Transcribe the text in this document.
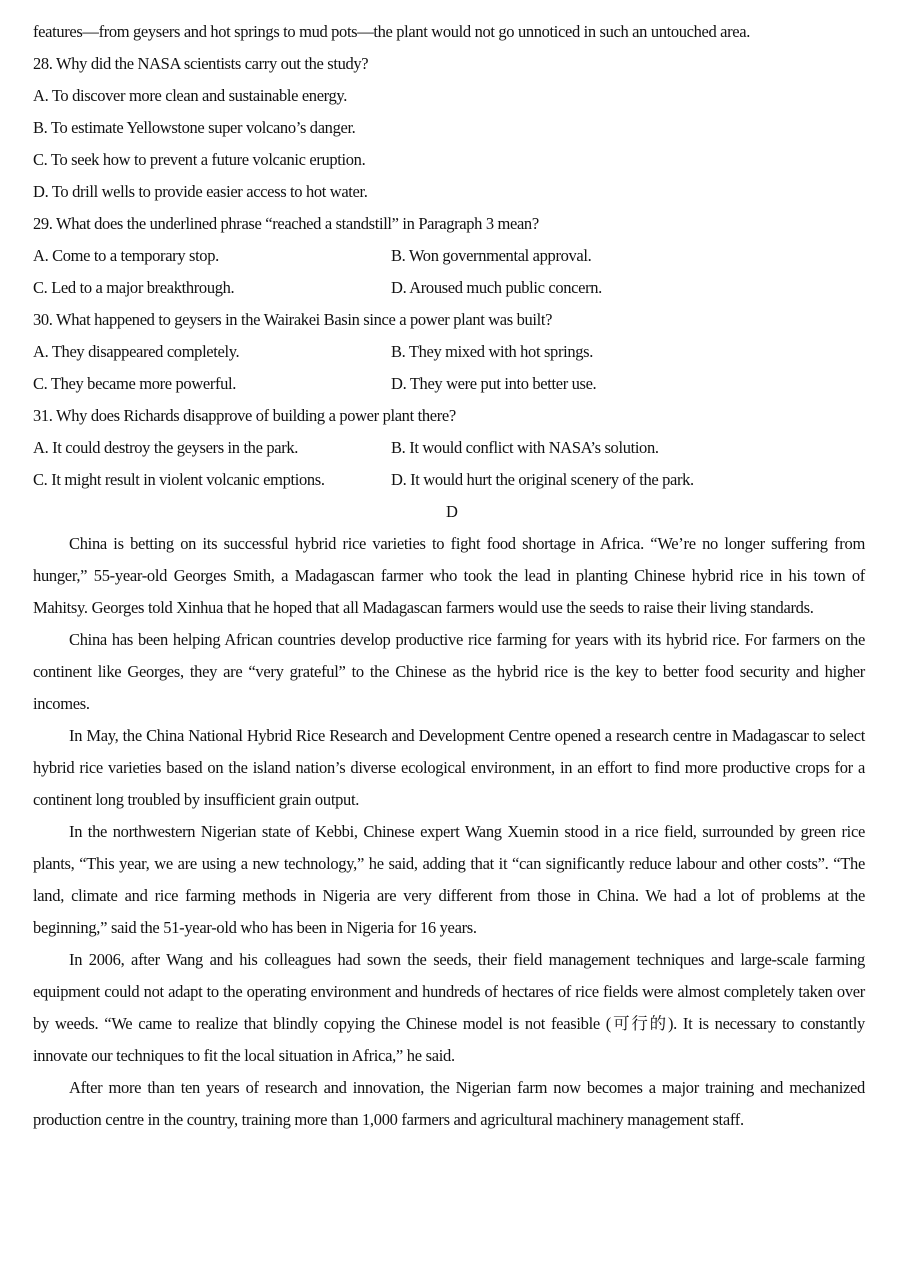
features—from geysers and hot springs to mud pots—the plant would not go unnoticed in such an untouched area.
28. Why did the NASA scientists carry out the study?
A. To discover more clean and sustainable energy.
B. To estimate Yellowstone super volcano’s danger.
C. To seek how to prevent a future volcanic eruption.
D. To drill wells to provide easier access to hot water.
29. What does the underlined phrase “reached a standstill” in Paragraph 3 mean?
A. Come to a temporary stop.	B. Won governmental approval.
C. Led to a major breakthrough.	D. Aroused much public concern.
30. What happened to geysers in the Wairakei Basin since a power plant was built?
A. They disappeared completely.	B. They mixed with hot springs.
C. They became more powerful.	D. They were put into better use.
31. Why does Richards disapprove of building a power plant there?
A. It could destroy the geysers in the park.	B. It would conflict with NASA’s solution.
C. It might result in violent volcanic emptions.	D. It would hurt the original scenery of the park.
D

China is betting on its successful hybrid rice varieties to fight food shortage in Africa. “We’re no longer suffering from hunger,” 55-year-old Georges Smith, a Madagascan farmer who took the lead in planting Chinese hybrid rice in his town of Mahitsy. Georges told Xinhua that he hoped that all Madagascan farmers would use the seeds to raise their living standards.

China has been helping African countries develop productive rice farming for years with its hybrid rice. For farmers on the continent like Georges, they are “very grateful” to the Chinese as the hybrid rice is the key to better food security and higher incomes.

In May, the China National Hybrid Rice Research and Development Centre opened a research centre in Madagascar to select hybrid rice varieties based on the island nation’s diverse ecological environment, in an effort to find more productive crops for a continent long troubled by insufficient grain output.

In the northwestern Nigerian state of Kebbi, Chinese expert Wang Xuemin stood in a rice field, surrounded by green rice plants, “This year, we are using a new technology,” he said, adding that it “can significantly reduce labour and other costs”. “The land, climate and rice farming methods in Nigeria are very different from those in China. We had a lot of problems at the beginning,” said the 51-year-old who has been in Nigeria for 16 years.

In 2006, after Wang and his colleagues had sown the seeds, their field management techniques and large-scale farming equipment could not adapt to the operating environment and hundreds of hectares of rice fields were almost completely taken over by weeds. “We came to realize that blindly copying the Chinese model is not feasible (可行的). It is necessary to constantly innovate our techniques to fit the local situation in Africa,” he said.

After more than ten years of research and innovation, the Nigerian farm now becomes a major training and mechanized production centre in the country, training more than 1,000 farmers and agricultural machinery management staff.
